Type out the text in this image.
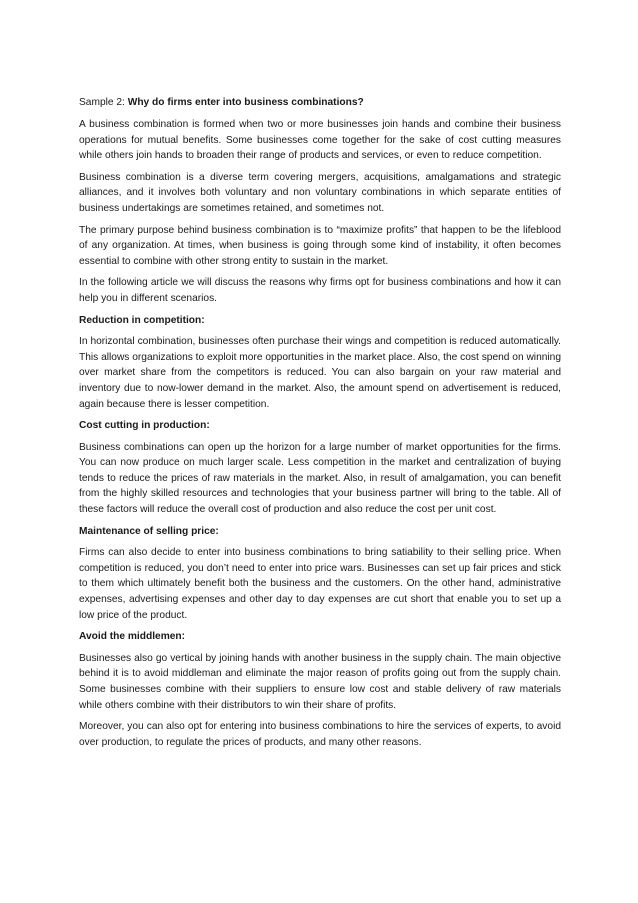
Sample 2: Why do firms enter into business combinations?

A business combination is formed when two or more businesses join hands and combine their business operations for mutual benefits. Some businesses come together for the sake of cost cutting measures while others join hands to broaden their range of products and services, or even to reduce competition.

Business combination is a diverse term covering mergers, acquisitions, amalgamations and strategic alliances, and it involves both voluntary and non voluntary combinations in which separate entities of business undertakings are sometimes retained, and sometimes not.

The primary purpose behind business combination is to “maximize profits” that happen to be the lifeblood of any organization. At times, when business is going through some kind of instability, it often becomes essential to combine with other strong entity to sustain in the market.

In the following article we will discuss the reasons why firms opt for business combinations and how it can help you in different scenarios.

Reduction in competition:

In horizontal combination, businesses often purchase their wings and competition is reduced automatically. This allows organizations to exploit more opportunities in the market place. Also, the cost spend on winning over market share from the competitors is reduced. You can also bargain on your raw material and inventory due to now-lower demand in the market. Also, the amount spend on advertisement is reduced, again because there is lesser competition.

Cost cutting in production:

Business combinations can open up the horizon for a large number of market opportunities for the firms. You can now produce on much larger scale. Less competition in the market and centralization of buying tends to reduce the prices of raw materials in the market. Also, in result of amalgamation, you can benefit from the highly skilled resources and technologies that your business partner will bring to the table. All of these factors will reduce the overall cost of production and also reduce the cost per unit cost.

Maintenance of selling price:

Firms can also decide to enter into business combinations to bring satiability to their selling price. When competition is reduced, you don’t need to enter into price wars. Businesses can set up fair prices and stick to them which ultimately benefit both the business and the customers. On the other hand, administrative expenses, advertising expenses and other day to day expenses are cut short that enable you to set up a low price of the product.

Avoid the middlemen:

Businesses also go vertical by joining hands with another business in the supply chain. The main objective behind it is to avoid middleman and eliminate the major reason of profits going out from the supply chain. Some businesses combine with their suppliers to ensure low cost and stable delivery of raw materials while others combine with their distributors to win their share of profits.

Moreover, you can also opt for entering into business combinations to hire the services of experts, to avoid over production, to regulate the prices of products, and many other reasons.
